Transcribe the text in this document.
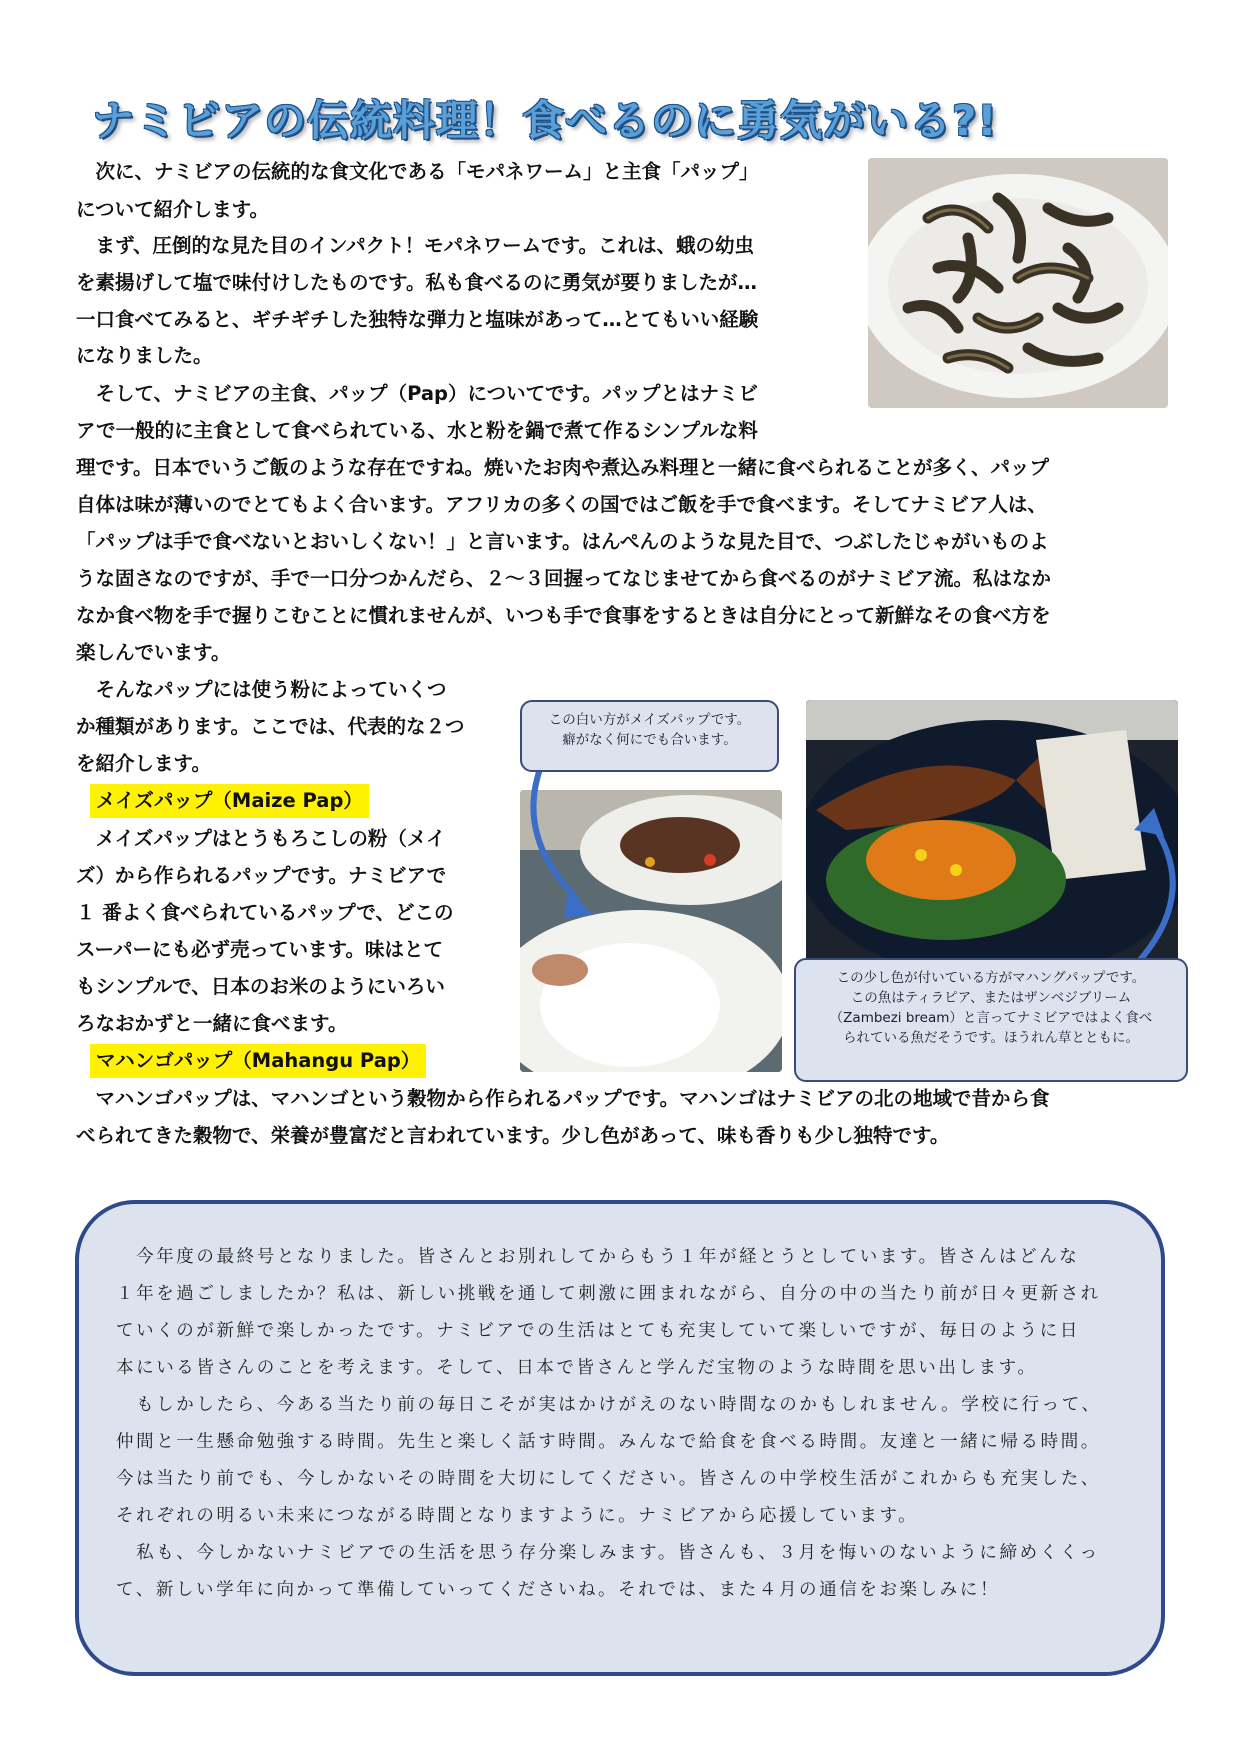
ナミビアの伝統料理！食べるのに勇気がいる?!
この白い方がメイズパップです。
癖がなく何にでも合います。
この少し色が付いている方がマハングパップです。
この魚はティラピア、またはザンベジブリーム
（Zambezi bream）と言ってナミビアではよく食べ
られている魚だそうです。ほうれん草とともに。
　次に、ナミビアの伝統的な食文化である「モパネワーム」と主食「パップ」
について紹介します。
　まず、圧倒的な見た目のインパクト！モパネワームです。これは、蛾の幼虫
を素揚げして塩で味付けしたものです。私も食べるのに勇気が要りましたが…
一口食べてみると、ギチギチした独特な弾力と塩味があって…とてもいい経験
になりました。
　そして、ナミビアの主食、パップ（Pap）についてです。パップとはナミビ
アで一般的に主食として食べられている、水と粉を鍋で煮て作るシンプルな料
理です。日本でいうご飯のような存在ですね。焼いたお肉や煮込み料理と一緒に食べられることが多く、パップ
自体は味が薄いのでとてもよく合います。アフリカの多くの国ではご飯を手で食べます。そしてナミビア人は、
「パップは手で食べないとおいしくない！」と言います。はんぺんのような見た目で、つぶしたじゃがいものよ
うな固さなのですが、手で一口分つかんだら、２～３回握ってなじませてから食べるのがナミビア流。私はなか
なか食べ物を手で握りこむことに慣れませんが、いつも手で食事をするときは自分にとって新鮮なその食べ方を
楽しんでいます。
　そんなパップには使う粉によっていくつ
か種類があります。ここでは、代表的な２つ
を紹介します。
メイズパップ（Maize Pap）
　メイズパップはとうもろこしの粉（メイ
ズ）から作られるパップです。ナミビアで
１ 番よく食べられているパップで、どこの
スーパーにも必ず売っています。味はとて
もシンプルで、日本のお米のようにいろい
ろなおかずと一緒に食べます。
マハンゴパップ（Mahangu Pap）
　マハンゴパップは、マハンゴという穀物から作られるパップです。マハンゴはナミビアの北の地域で昔から食
べられてきた穀物で、栄養が豊富だと言われています。少し色があって、味も香りも少し独特です。
　今年度の最終号となりました。皆さんとお別れしてからもう１年が経とうとしています。皆さんはどんな
１年を過ごしましたか？私は、新しい挑戦を通して刺激に囲まれながら、自分の中の当たり前が日々更新され
ていくのが新鮮で楽しかったです。ナミビアでの生活はとても充実していて楽しいですが、毎日のように日
本にいる皆さんのことを考えます。そして、日本で皆さんと学んだ宝物のような時間を思い出します。
　もしかしたら、今ある当たり前の毎日こそが実はかけがえのない時間なのかもしれません。学校に行って、
仲間と一生懸命勉強する時間。先生と楽しく話す時間。みんなで給食を食べる時間。友達と一緒に帰る時間。
今は当たり前でも、今しかないその時間を大切にしてください。皆さんの中学校生活がこれからも充実した、
それぞれの明るい未来につながる時間となりますように。ナミビアから応援しています。
　私も、今しかないナミビアでの生活を思う存分楽しみます。皆さんも、３月を悔いのないように締めくくっ
て、新しい学年に向かって準備していってくださいね。それでは、また４月の通信をお楽しみに！
